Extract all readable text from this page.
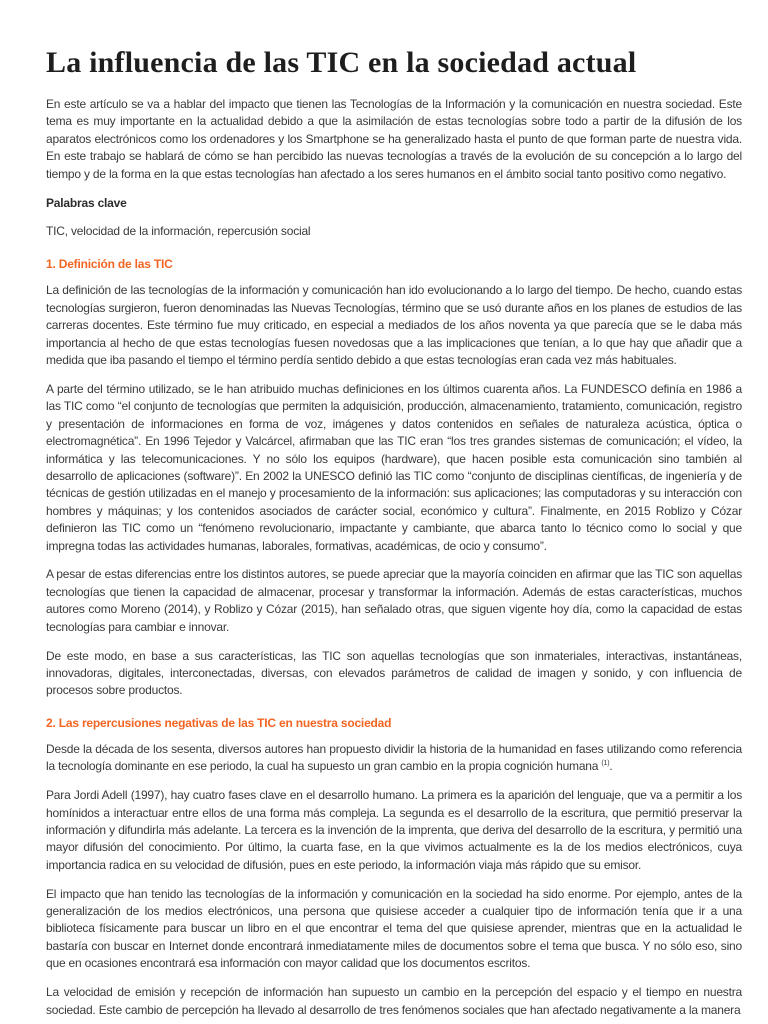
La influencia de las TIC en la sociedad actual

En este artículo se va a hablar del impacto que tienen las Tecnologías de la Información y la comunicación en nuestra sociedad. Este tema es muy importante en la actualidad debido a que la asimilación de estas tecnologías sobre todo a partir de la difusión de los aparatos electrónicos como los ordenadores y los Smartphone se ha generalizado hasta el punto de que forman parte de nuestra vida. En este trabajo se hablará de cómo se han percibido las nuevas tecnologías a través de la evolución de su concepción a lo largo del tiempo y de la forma en la que estas tecnologías han afectado a los seres humanos en el ámbito social tanto positivo como negativo.

Palabras clave

TIC, velocidad de la información, repercusión social

1. Definición de las TIC

La definición de las tecnologías de la información y comunicación han ido evolucionando a lo largo del tiempo. De hecho, cuando estas tecnologías surgieron, fueron denominadas las Nuevas Tecnologías, término que se usó durante años en los planes de estudios de las carreras docentes. Este término fue muy criticado, en especial a mediados de los años noventa ya que parecía que se le daba más importancia al hecho de que estas tecnologías fuesen novedosas que a las implicaciones que tenían, a lo que hay que añadir que a medida que iba pasando el tiempo el término perdía sentido debido a que estas tecnologías eran cada vez más habituales.

A parte del término utilizado, se le han atribuido muchas definiciones en los últimos cuarenta años. La FUNDESCO definía en 1986 a las TIC como “el conjunto de tecnologías que permiten la adquisición, producción, almacenamiento, tratamiento, comunicación, registro y presentación de informaciones en forma de voz, imágenes y datos contenidos en señales de naturaleza acústica, óptica o electromagnética”. En 1996 Tejedor y Valcárcel, afirmaban que las TIC eran “los tres grandes sistemas de comunicación; el vídeo, la informática y las telecomunicaciones. Y no sólo los equipos (hardware), que hacen posible esta comunicación sino también al desarrollo de aplicaciones (software)”. En 2002 la UNESCO definió las TIC como “conjunto de disciplinas científicas, de ingeniería y de técnicas de gestión utilizadas en el manejo y procesamiento de la información: sus aplicaciones; las computadoras y su interacción con hombres y máquinas; y los contenidos asociados de carácter social, económico y cultura”. Finalmente, en 2015 Roblizo y Cózar definieron las TIC como un “fenómeno revolucionario, impactante y cambiante, que abarca tanto lo técnico como lo social y que impregna todas las actividades humanas, laborales, formativas, académicas, de ocio y consumo”.

A pesar de estas diferencias entre los distintos autores, se puede apreciar que la mayoría coinciden en afirmar que las TIC son aquellas tecnologías que tienen la capacidad de almacenar, procesar y transformar la información. Además de estas características, muchos autores como Moreno (2014), y Roblizo y Cózar (2015), han señalado otras, que siguen vigente hoy día, como la capacidad de estas tecnologías para cambiar e innovar.

De este modo, en base a sus características, las TIC son aquellas tecnologías que son inmateriales, interactivas, instantáneas, innovadoras, digitales, interconectadas, diversas, con elevados parámetros de calidad de imagen y sonido, y con influencia de procesos sobre productos.

2. Las repercusiones negativas de las TIC en nuestra sociedad

Desde la década de los sesenta, diversos autores han propuesto dividir la historia de la humanidad en fases utilizando como referencia la tecnología dominante en ese periodo, la cual ha supuesto un gran cambio en la propia cognición humana $^{(1)}$.

Para Jordi Adell (1997), hay cuatro fases clave en el desarrollo humano. La primera es la aparición del lenguaje, que va a permitir a los homínidos a interactuar entre ellos de una forma más compleja. La segunda es el desarrollo de la escritura, que permitió preservar la información y difundirla más adelante. La tercera es la invención de la imprenta, que deriva del desarrollo de la escritura, y permitió una mayor difusión del conocimiento. Por último, la cuarta fase, en la que vivimos actualmente es la de los medios electrónicos, cuya importancia radica en su velocidad de difusión, pues en este periodo, la información viaja más rápido que su emisor.

El impacto que han tenido las tecnologías de la información y comunicación en la sociedad ha sido enorme. Por ejemplo, antes de la generalización de los medios electrónicos, una persona que quisiese acceder a cualquier tipo de información tenía que ir a una biblioteca físicamente para buscar un libro en el que encontrar el tema del que quisiese aprender, mientras que en la actualidad le bastaría con buscar en Internet donde encontrará inmediatamente miles de documentos sobre el tema que busca. Y no sólo eso, sino que en ocasiones encontrará esa información con mayor calidad que los documentos escritos.

La velocidad de emisión y recepción de información han supuesto un cambio en la percepción del espacio y el tiempo en nuestra sociedad. Este cambio de percepción ha llevado al desarrollo de tres fenómenos sociales que han afectado negativamente a la manera
